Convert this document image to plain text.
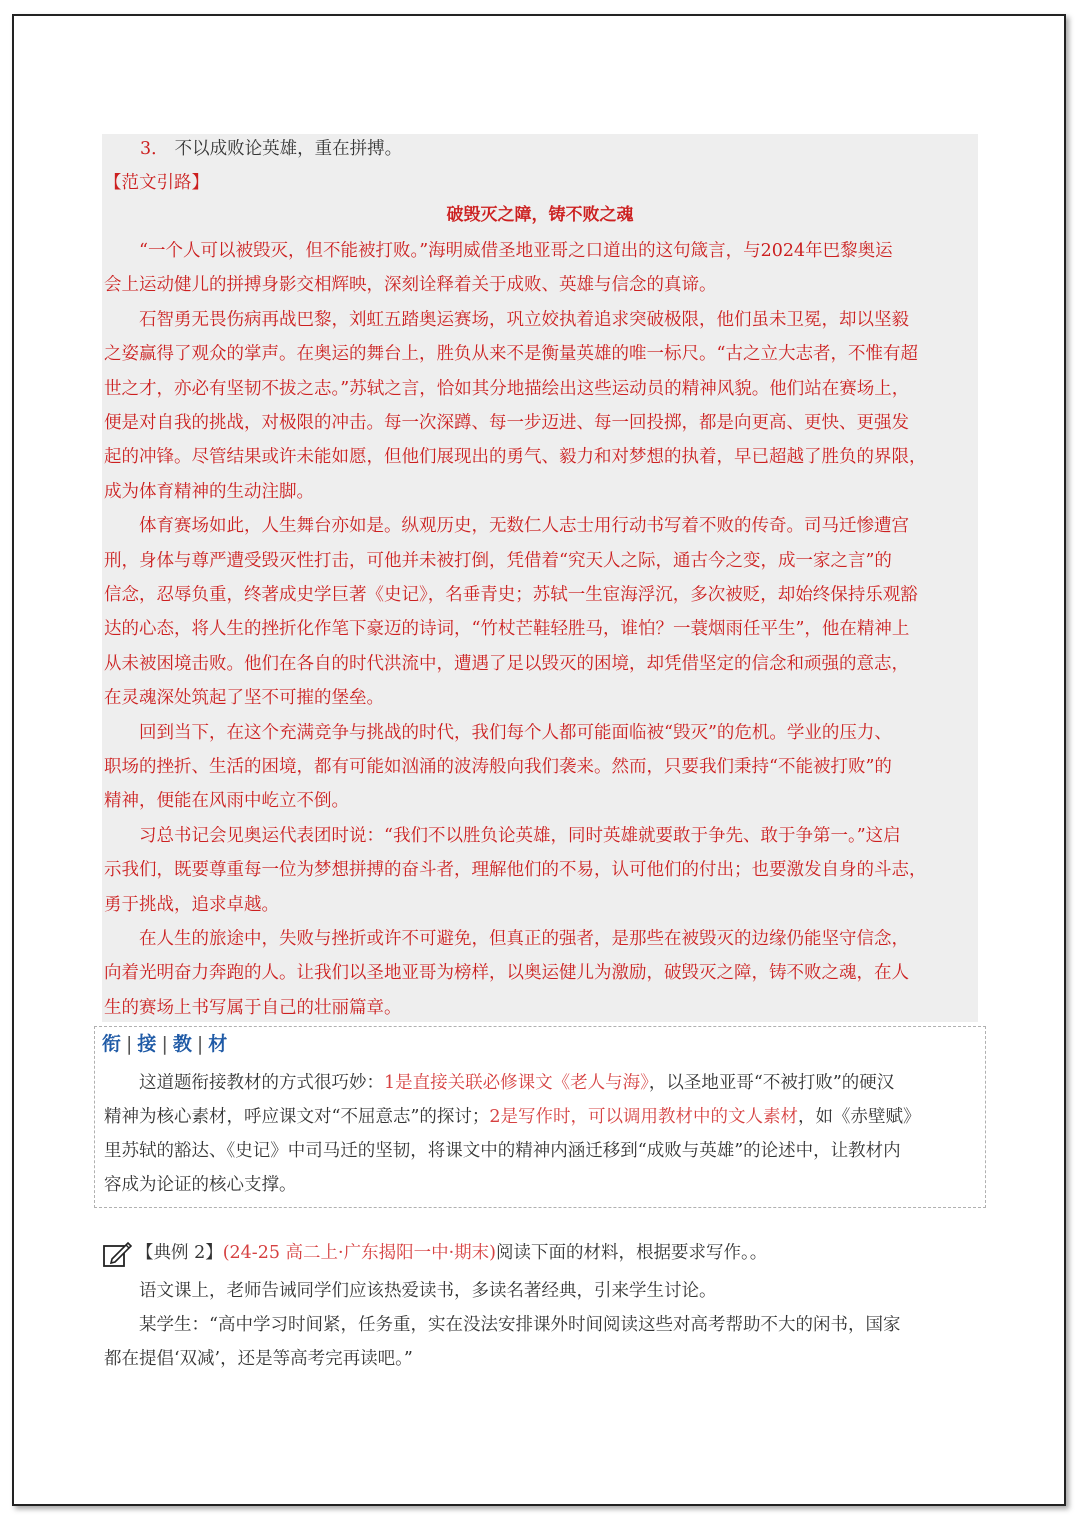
3． 不以成败论英雄，重在拼搏。
【范文引路】
破毁灭之障，铸不败之魂
“一个人可以被毁灭，但不能被打败。”海明威借圣地亚哥之口道出的这句箴言，与2024年巴黎奥运
会上运动健儿的拼搏身影交相辉映，深刻诠释着关于成败、英雄与信念的真谛。
石智勇无畏伤病再战巴黎，刘虹五踏奥运赛场，巩立姣执着追求突破极限，他们虽未卫冕，却以坚毅
之姿赢得了观众的掌声。在奥运的舞台上，胜负从来不是衡量英雄的唯一标尺。“古之立大志者，不惟有超
世之才，亦必有坚韧不拔之志。”苏轼之言，恰如其分地描绘出这些运动员的精神风貌。他们站在赛场上，
便是对自我的挑战，对极限的冲击。每一次深蹲、每一步迈进、每一回投掷，都是向更高、更快、更强发
起的冲锋。尽管结果或许未能如愿，但他们展现出的勇气、毅力和对梦想的执着，早已超越了胜负的界限，
成为体育精神的生动注脚。
体育赛场如此，人生舞台亦如是。纵观历史，无数仁人志士用行动书写着不败的传奇。司马迁惨遭宫
刑，身体与尊严遭受毁灭性打击，可他并未被打倒，凭借着“究天人之际，通古今之变，成一家之言”的
信念，忍辱负重，终著成史学巨著《史记》，名垂青史；苏轼一生宦海浮沉，多次被贬，却始终保持乐观豁
达的心态，将人生的挫折化作笔下豪迈的诗词，“竹杖芒鞋轻胜马，谁怕？一蓑烟雨任平生”，他在精神上
从未被困境击败。他们在各自的时代洪流中，遭遇了足以毁灭的困境，却凭借坚定的信念和顽强的意志，
在灵魂深处筑起了坚不可摧的堡垒。
回到当下，在这个充满竞争与挑战的时代，我们每个人都可能面临被“毁灭”的危机。学业的压力、
职场的挫折、生活的困境，都有可能如汹涌的波涛般向我们袭来。然而，只要我们秉持“不能被打败”的
精神，便能在风雨中屹立不倒。
习总书记会见奥运代表团时说：“我们不以胜负论英雄，同时英雄就要敢于争先、敢于争第一。”这启
示我们，既要尊重每一位为梦想拼搏的奋斗者，理解他们的不易，认可他们的付出；也要激发自身的斗志，
勇于挑战，追求卓越。
在人生的旅途中，失败与挫折或许不可避免，但真正的强者，是那些在被毁灭的边缘仍能坚守信念，
向着光明奋力奔跑的人。让我们以圣地亚哥为榜样，以奥运健儿为激励，破毁灭之障，铸不败之魂，在人
生的赛场上书写属于自己的壮丽篇章。
衔 | 接 | 教 | 材
这道题衔接教材的方式很巧妙：1是直接关联必修课文《老人与海》，以圣地亚哥“不被打败”的硬汉
精神为核心素材，呼应课文对“不屈意志”的探讨；2是写作时，可以调用教材中的文人素材，如《赤壁赋》
里苏轼的豁达、《史记》中司马迁的坚韧，将课文中的精神内涵迁移到“成败与英雄”的论述中，让教材内
容成为论证的核心支撑。
【典例 2】(24-25 高二上·广东揭阳一中·期末)阅读下面的材料，根据要求写作。。
语文课上，老师告诫同学们应该热爱读书，多读名著经典，引来学生讨论。
某学生：“高中学习时间紧，任务重，实在没法安排课外时间阅读这些对高考帮助不大的闲书，国家
都在提倡‘双减’，还是等高考完再读吧。”
